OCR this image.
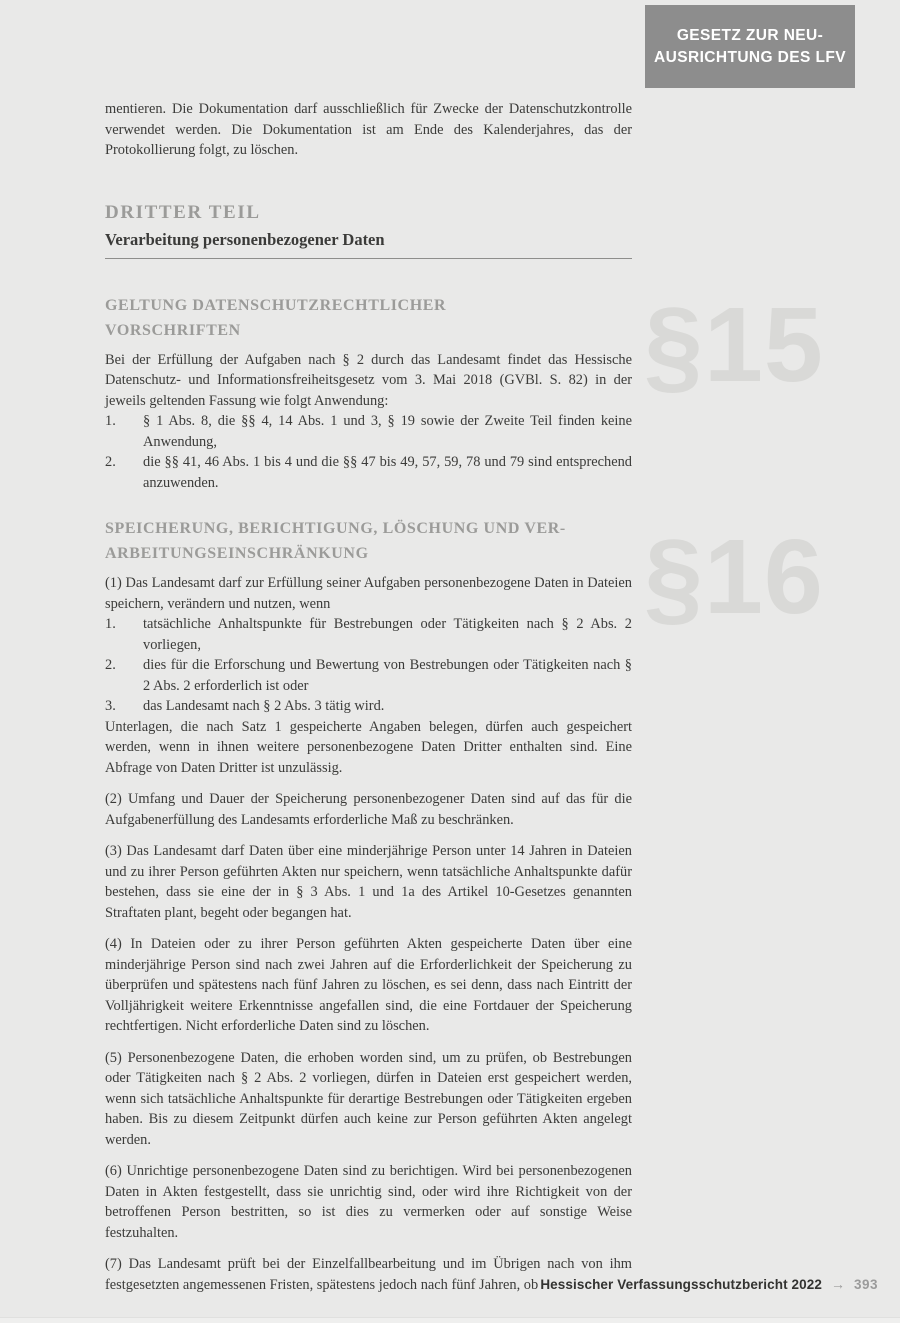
GESETZ ZUR NEU-
AUSRICHTUNG DES LFV
§15
§16

mentieren. Die Dokumentation darf ausschließlich für Zwecke der Datenschutzkontrolle verwendet werden. Die Dokumentation ist am Ende des Kalenderjahres, das der Protokollierung folgt, zu löschen.

DRITTER TEIL
Verarbeitung personenbezogener Daten
GELTUNG DATENSCHUTZRECHTLICHER
VORSCHRIFTEN

Bei der Erfüllung der Aufgaben nach § 2 durch das Landesamt findet das Hessische Datenschutz- und Informationsfreiheitsgesetz vom 3. Mai 2018 (GVBl. S. 82) in der jeweils geltenden Fassung wie folgt Anwendung:

1.	§ 1 Abs. 8, die §§ 4, 14 Abs. 1 und 3, § 19 sowie der Zweite Teil finden keine Anwendung,
2.	die §§ 41, 46 Abs. 1 bis 4 und die §§ 47 bis 49, 57, 59, 78 und 79 sind entsprechend anzuwenden.
SPEICHERUNG, BERICHTIGUNG, LÖSCHUNG UND VER-
ARBEITUNGSEINSCHRÄNKUNG

(1) Das Landesamt darf zur Erfüllung seiner Aufgaben personenbezogene Daten in Dateien speichern, verändern und nutzen, wenn

1.	tatsächliche Anhaltspunkte für Bestrebungen oder Tätigkeiten nach § 2 Abs. 2 vorliegen,
2.	dies für die Erforschung und Bewertung von Bestrebungen oder Tätigkeiten nach § 2 Abs. 2 erforderlich ist oder
3.	das Landesamt nach § 2 Abs. 3 tätig wird.

Unterlagen, die nach Satz 1 gespeicherte Angaben belegen, dürfen auch gespeichert werden, wenn in ihnen weitere personenbezogene Daten Dritter enthalten sind. Eine Abfrage von Daten Dritter ist unzulässig.

(2) Umfang und Dauer der Speicherung personenbezogener Daten sind auf das für die Aufgabenerfüllung des Landesamts erforderliche Maß zu beschränken.

(3) Das Landesamt darf Daten über eine minderjährige Person unter 14 Jahren in Dateien und zu ihrer Person geführten Akten nur speichern, wenn tatsächliche Anhaltspunkte dafür bestehen, dass sie eine der in § 3 Abs. 1 und 1a des Artikel 10-Gesetzes genannten Straftaten plant, begeht oder begangen hat.

(4) In Dateien oder zu ihrer Person geführten Akten gespeicherte Daten über eine minderjährige Person sind nach zwei Jahren auf die Erforderlichkeit der Speicherung zu überprüfen und spätestens nach fünf Jahren zu löschen, es sei denn, dass nach Eintritt der Volljährigkeit weitere Erkenntnisse angefallen sind, die eine Fortdauer der Speicherung rechtfertigen. Nicht erforderliche Daten sind zu löschen.

(5) Personenbezogene Daten, die erhoben worden sind, um zu prüfen, ob Bestrebungen oder Tätigkeiten nach § 2 Abs. 2 vorliegen, dürfen in Dateien erst gespeichert werden, wenn sich tatsächliche Anhaltspunkte für derartige Bestrebungen oder Tätigkeiten ergeben haben. Bis zu diesem Zeitpunkt dürfen auch keine zur Person geführten Akten angelegt werden.

(6) Unrichtige personenbezogene Daten sind zu berichtigen. Wird bei personenbezogenen Daten in Akten festgestellt, dass sie unrichtig sind, oder wird ihre Richtigkeit von der betroffenen Person bestritten, so ist dies zu vermerken oder auf sonstige Weise festzuhalten.

(7) Das Landesamt prüft bei der Einzelfallbearbeitung und im Übrigen nach von ihm festgesetzten angemessenen Fristen, spätestens jedoch nach fünf Jahren, ob Hessischer Verfassungsschutzbericht 2022 → 393
